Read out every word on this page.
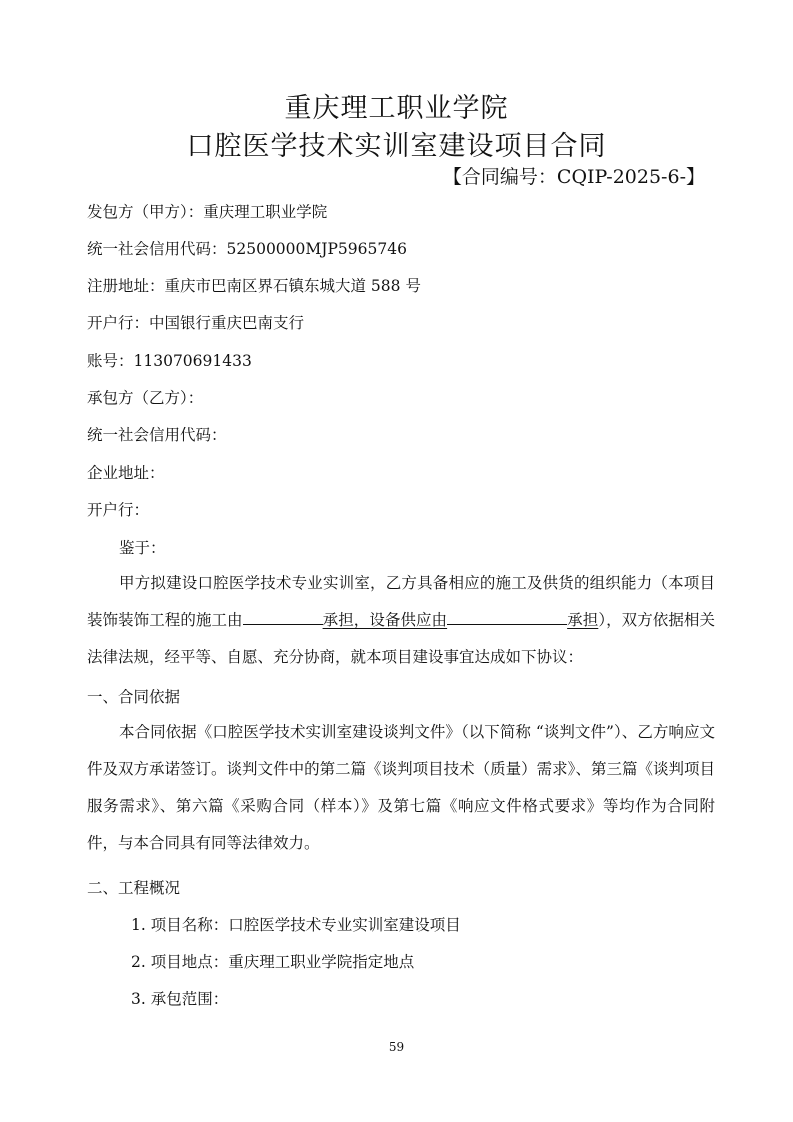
重庆理工职业学院
口腔医学技术实训室建设项目合同
【合同编号：CQIP-2025-6-】
发包方（甲方）：重庆理工职业学院
统一社会信用代码：52500000MJP5965746
注册地址：重庆市巴南区界石镇东城大道 588 号
开户行：中国银行重庆巴南支行
账号：113070691433
承包方（乙方）：
统一社会信用代码：
企业地址：
开户行：
鉴于：
甲方拟建设口腔医学技术专业实训室，乙方具备相应的施工及供货的组织能力（本项目装饰装饰工程的施工由	承担，设备供应由	承担），双方依据相关法律法规，经平等、自愿、充分协商，就本项目建设事宜达成如下协议：
一、合同依据
本合同依据《口腔医学技术实训室建设谈判文件》（以下简称 “谈判文件”）、乙方响应文件及双方承诺签订。谈判文件中的第二篇《谈判项目技术（质量）需求》、第三篇《谈判项目服务需求》、第六篇《采购合同（样本）》及第七篇《响应文件格式要求》等均作为合同附件，与本合同具有同等法律效力。
二、工程概况
1. 项目名称：口腔医学技术专业实训室建设项目
2. 项目地点：重庆理工职业学院指定地点
3. 承包范围：
59
